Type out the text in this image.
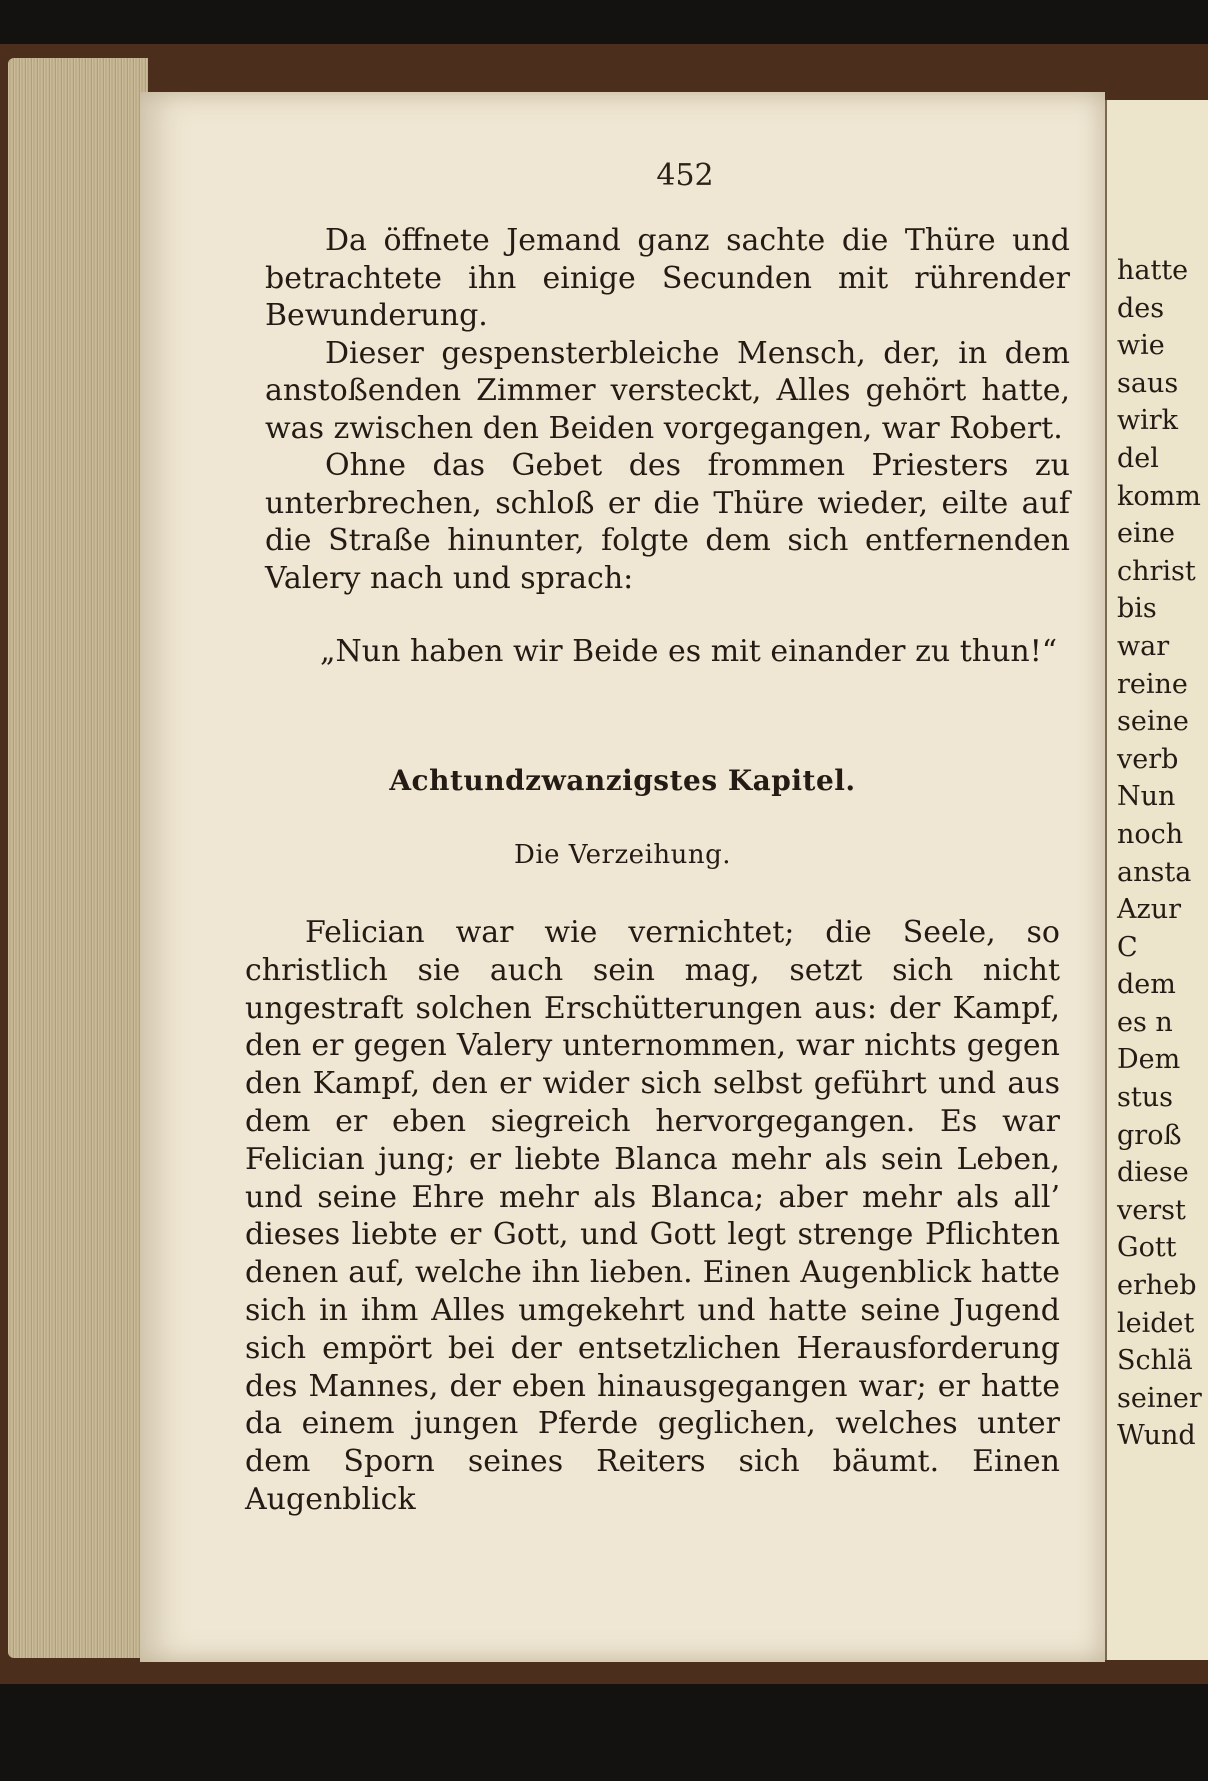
452

Da öffnete Jemand ganz sachte die Thüre und betrachtete ihn einige Secunden mit rührender Bewunderung.

Dieser gespensterbleiche Mensch, der, in dem anstoßenden Zimmer versteckt, Alles gehört hatte, was zwischen den Beiden vorgegangen, war Robert.

Ohne das Gebet des frommen Priesters zu unterbrechen, schloß er die Thüre wieder, eilte auf die Straße hinunter, folgte dem sich entfernenden Valery nach und sprach:

„Nun haben wir Beide es mit einander zu thun!“
Achtundzwanzigstes Kapitel.
Die Verzeihung.

Felician war wie vernichtet; die Seele, so christlich sie auch sein mag, setzt sich nicht ungestraft solchen Erschütterungen aus: der Kampf, den er gegen Valery unternommen, war nichts gegen den Kampf, den er wider sich selbst geführt und aus dem er eben siegreich hervorgegangen. Es war Felician jung; er liebte Blanca mehr als sein Leben, und seine Ehre mehr als Blanca; aber mehr als all’ dieses liebte er Gott, und Gott legt strenge Pflichten denen auf, welche ihn lieben. Einen Augenblick hatte sich in ihm Alles umgekehrt und hatte seine Jugend sich empört bei der entsetzlichen Herausforderung des Mannes, der eben hinausgegangen war; er hatte da einem jungen Pferde geglichen, welches unter dem Sporn seines Reiters sich bäumt. Einen Augenblick

hatte
des
wie
saus
wirk
del
komm
eine
christ
bis
war
reine
seine
verb
Nun
noch
ansta
Azur
C
dem
es n
Dem
stus
groß
diese
verst
Gott
erheb
leidet
Schlä
seiner
Wund
